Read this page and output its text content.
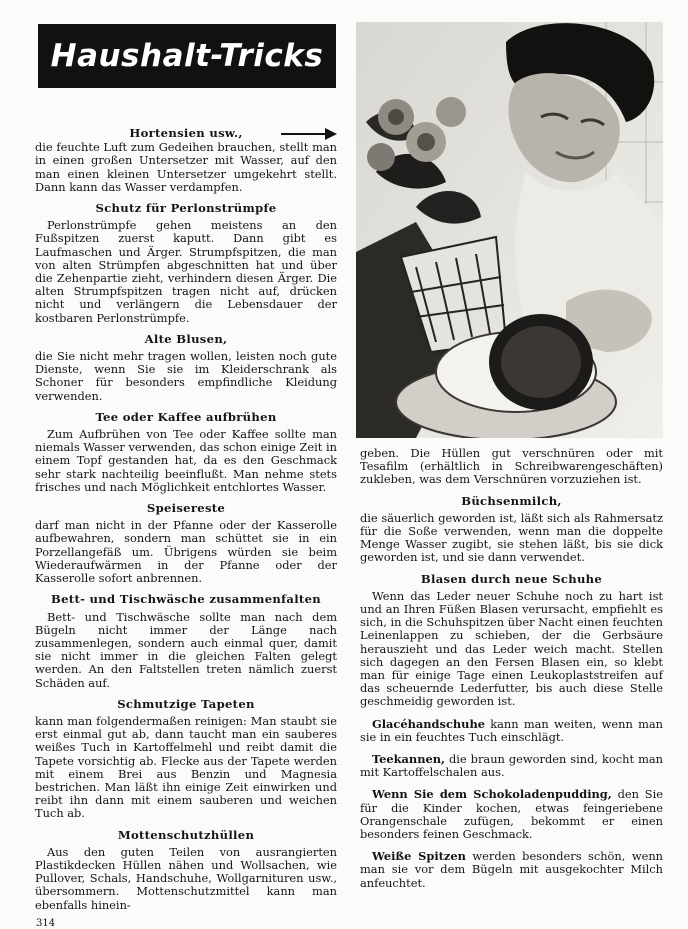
Haushalt-Tricks

Hortensien usw.,

die feuchte Luft zum Gedeihen brauchen, stellt man in einen großen Untersetzer mit Wasser, auf den man einen kleinen Untersetzer umgekehrt stellt. Dann kann das Wasser verdampfen.

Schutz für Perlonstrümpfe

Perlonstrümpfe gehen meistens an den Fußspitzen zuerst kaputt. Dann gibt es Laufmaschen und Ärger. Strumpfspitzen, die man von alten Strümpfen abgeschnitten hat und über die Zehenpartie zieht, verhindern diesen Ärger. Die alten Strumpfspitzen tragen nicht auf, drücken nicht und verlängern die Lebensdauer der kostbaren Perlonstrümpfe.

Alte Blusen,

die Sie nicht mehr tragen wollen, leisten noch gute Dienste, wenn Sie sie im Kleiderschrank als Schoner für besonders empfindliche Kleidung verwenden.

Tee oder Kaffee aufbrühen

Zum Aufbrühen von Tee oder Kaffee sollte man niemals Wasser verwenden, das schon einige Zeit in einem Topf gestanden hat, da es den Geschmack sehr stark nachteilig beeinflußt. Man nehme stets frisches und nach Möglichkeit entchlortes Wasser.

Speisereste

darf man nicht in der Pfanne oder der Kasserolle aufbewahren, sondern man schüttet sie in ein Porzellangefäß um. Übrigens würden sie beim Wiederaufwärmen in der Pfanne oder der Kasserolle sofort anbrennen.

Bett- und Tischwäsche zusammenfalten

Bett- und Tischwäsche sollte man nach dem Bügeln nicht immer der Länge nach zusammenlegen, sondern auch einmal quer, damit sie nicht immer in die gleichen Falten gelegt werden. An den Faltstellen treten nämlich zuerst Schäden auf.

Schmutzige Tapeten

kann man folgendermaßen reinigen: Man staubt sie erst einmal gut ab, dann taucht man ein sauberes weißes Tuch in Kartoffelmehl und reibt damit die Tapete vorsichtig ab. Flecke aus der Tapete werden mit einem Brei aus Benzin und Magnesia bestrichen. Man läßt ihn einige Zeit einwirken und reibt ihn dann mit einem sauberen und weichen Tuch ab.

Mottenschutzhüllen

Aus den guten Teilen von ausrangierten Plastikdecken Hüllen nähen und Wollsachen, wie Pullover, Schals, Handschuhe, Wollgarnituren usw., übersommern. Mottenschutzmittel kann man ebenfalls hinein-

geben. Die Hüllen gut verschnüren oder mit Tesafilm (erhältlich in Schreibwarengeschäften) zukleben, was dem Verschnüren vorzuziehen ist.

Büchsenmilch,

die säuerlich geworden ist, läßt sich als Rahmersatz für die Soße verwenden, wenn man die doppelte Menge Wasser zugibt, sie stehen läßt, bis sie dick geworden ist, und sie dann verwendet.

Blasen durch neue Schuhe

Wenn das Leder neuer Schuhe noch zu hart ist und an Ihren Füßen Blasen verursacht, empfiehlt es sich, in die Schuhspitzen über Nacht einen feuchten Leinenlappen zu schieben, der die Gerbsäure herauszieht und das Leder weich macht. Stellen sich dagegen an den Fersen Blasen ein, so klebt man für einige Tage einen Leukoplaststreifen auf das scheuernde Lederfutter, bis auch diese Stelle geschmeidig geworden ist.

Glacéhandschuhe kann man weiten, wenn man sie in ein feuchtes Tuch einschlägt.

Teekannen, die braun geworden sind, kocht man mit Kartoffelschalen aus.

Wenn Sie dem Schokoladenpudding, den Sie für die Kinder kochen, etwas feingeriebene Orangenschale zufügen, bekommt er einen besonders feinen Geschmack.

Weiße Spitzen werden besonders schön, wenn man sie vor dem Bügeln mit ausgekochter Milch anfeuchtet.

314
